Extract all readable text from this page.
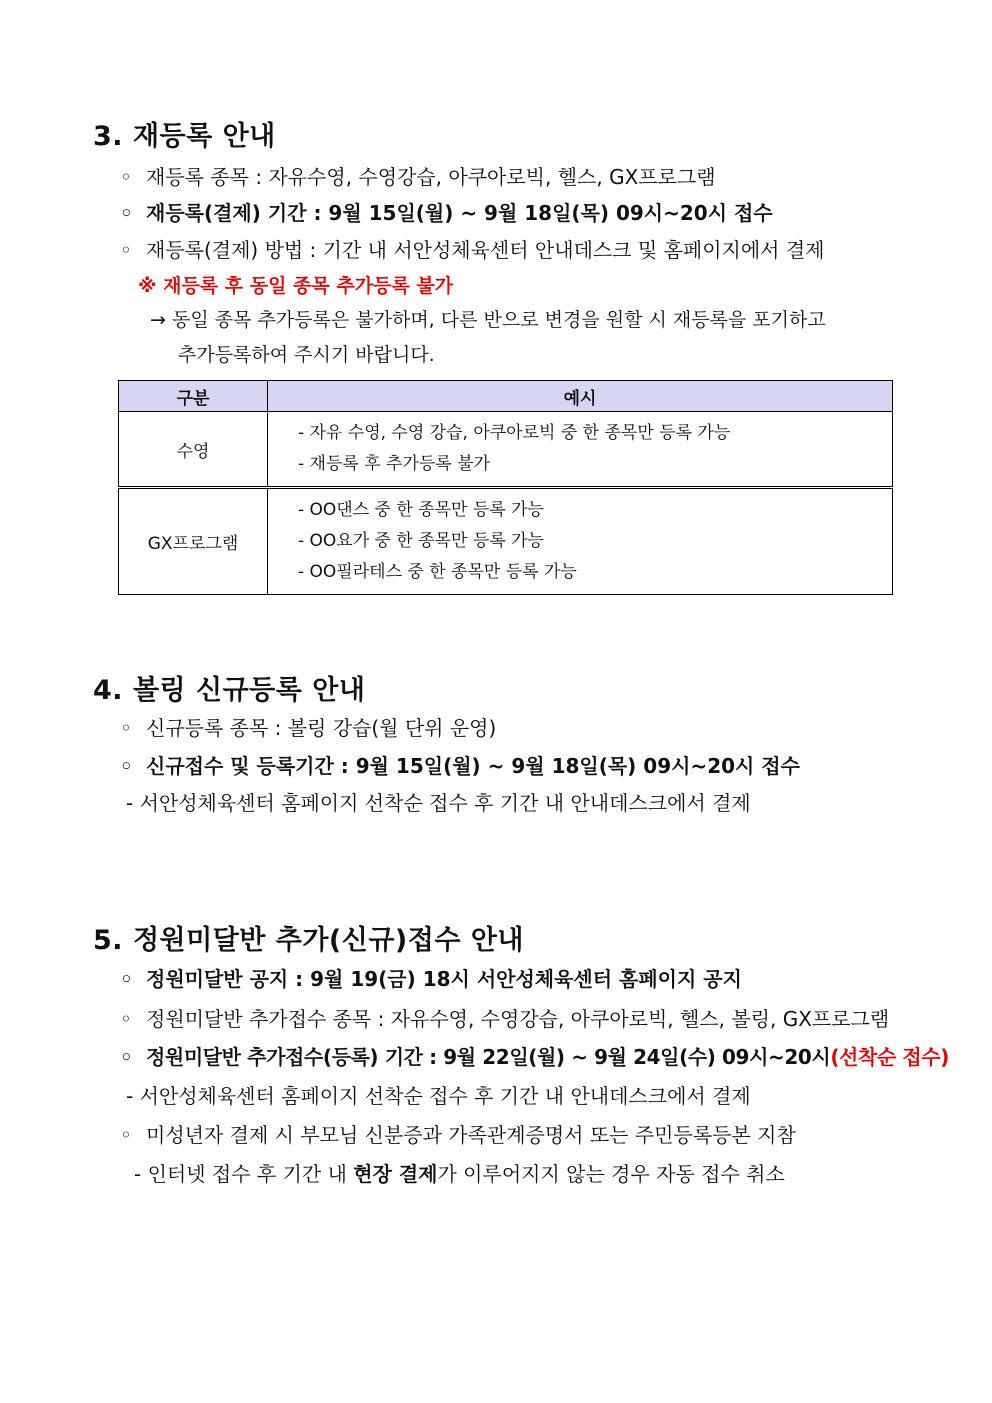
3. 재등록 안내
◦ 재등록 종목 : 자유수영, 수영강습, 아쿠아로빅, 헬스, GX프로그램
◦ 재등록(결제) 기간 : 9월 15일(월) ~ 9월 18일(목) 09시~20시 접수
◦ 재등록(결제) 방법 : 기간 내 서안성체육센터 안내데스크 및 홈페이지에서 결제
※ 재등록 후 동일 종목 추가등록 불가
→ 동일 종목 추가등록은 불가하며, 다른 반으로 변경을 원할 시 재등록을 포기하고
추가등록하여 주시기 바랍니다.
구분	예시
수영	- 자유 수영, 수영 강습, 아쿠아로빅 중 한 종목만 등록 가능
- 재등록 후 추가등록 불가

GX프로그램	- OO댄스 중 한 종목만 등록 가능
- OO요가 중 한 종목만 등록 가능
- OO필라테스 중 한 종목만 등록 가능
4. 볼링 신규등록 안내
◦ 신규등록 종목 : 볼링 강습(월 단위 운영)
◦ 신규접수 및 등록기간 : 9월 15일(월) ~ 9월 18일(목) 09시~20시 접수
- 서안성체육센터 홈페이지 선착순 접수 후 기간 내 안내데스크에서 결제
5. 정원미달반 추가(신규)접수 안내
◦ 정원미달반 공지 : 9월 19(금) 18시 서안성체육센터 홈페이지 공지
◦ 정원미달반 추가접수 종목 : 자유수영, 수영강습, 아쿠아로빅, 헬스, 볼링, GX프로그램
◦ 정원미달반 추가접수(등록) 기간 : 9월 22일(월) ~ 9월 24일(수) 09시~20시(선착순 접수)
- 서안성체육센터 홈페이지 선착순 접수 후 기간 내 안내데스크에서 결제
◦ 미성년자 결제 시 부모님 신분증과 가족관계증명서 또는 주민등록등본 지참
- 인터넷 접수 후 기간 내 현장 결제가 이루어지지 않는 경우 자동 접수 취소
